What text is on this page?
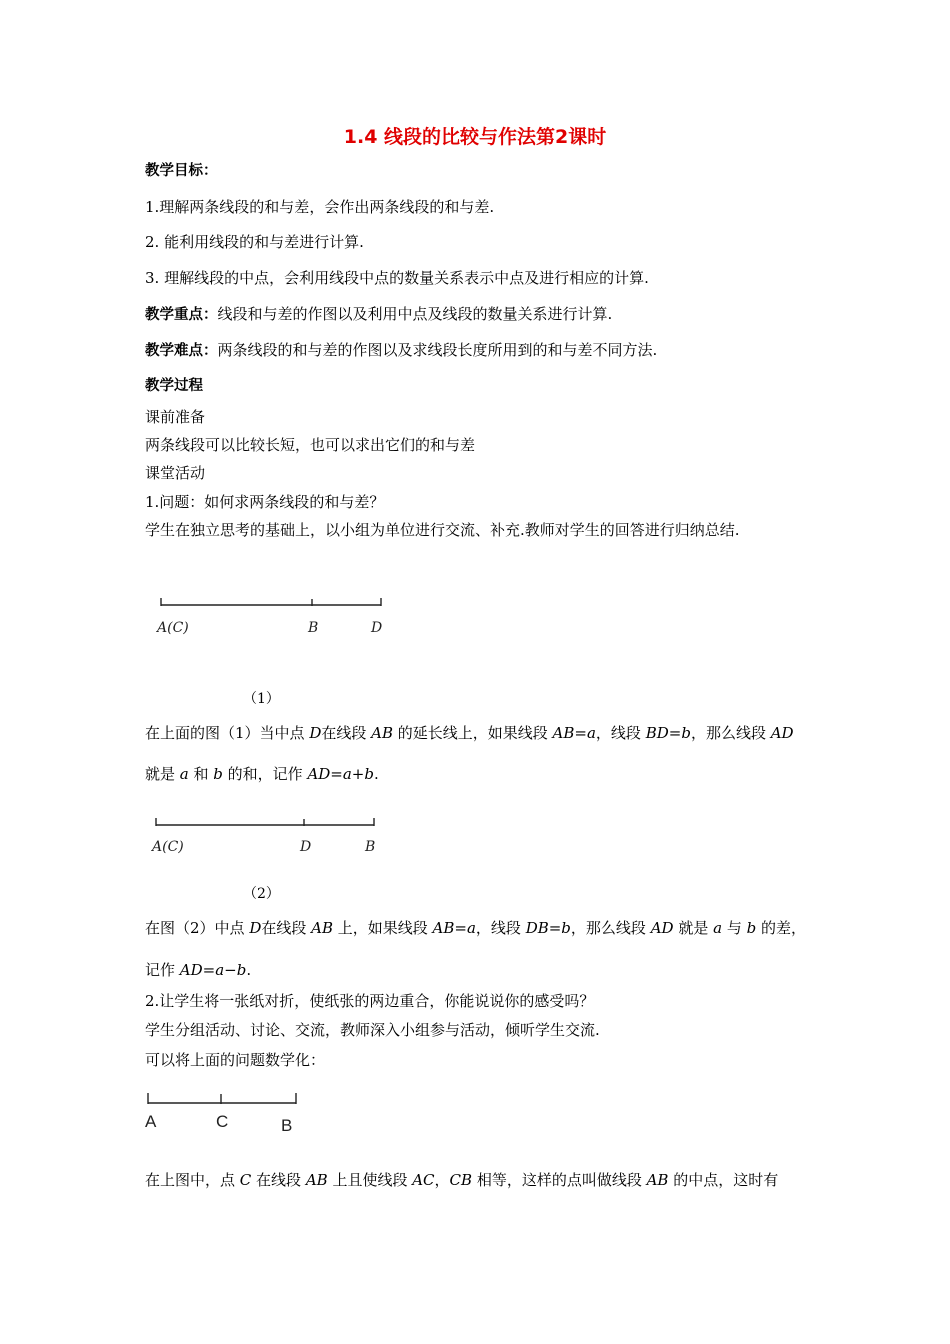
1.4 线段的比较与作法第2课时
教学目标：
1.理解两条线段的和与差，会作出两条线段的和与差.
2. 能利用线段的和与差进行计算.
3. 理解线段的中点，会利用线段中点的数量关系表示中点及进行相应的计算.
教学重点：线段和与差的作图以及利用中点及线段的数量关系进行计算.
教学难点：两条线段的和与差的作图以及求线段长度所用到的和与差不同方法.
教学过程
课前准备
两条线段可以比较长短，也可以求出它们的和与差
课堂活动
1.问题：如何求两条线段的和与差？
学生在独立思考的基础上，以小组为单位进行交流、补充.教师对学生的回答进行归纳总结.
A(C)	B	D
（1）
在上面的图（1）当中点 D在线段 AB 的延长线上，如果线段 AB=a，线段 BD=b，那么线段 AD
就是 a 和 b 的和，记作 AD=a+b.
A(C)	D	B
（2）
在图（2）中点 D在线段 AB 上，如果线段 AB=a，线段 DB=b，那么线段 AD 就是 a 与 b 的差，
记作 AD=a−b.
2.让学生将一张纸对折，使纸张的两边重合，你能说说你的感受吗？
学生分组活动、讨论、交流，教师深入小组参与活动，倾听学生交流.
可以将上面的问题数学化：
A	C	B
在上图中，点 C 在线段 AB 上且使线段 AC，CB 相等，这样的点叫做线段 AB 的中点，这时有
